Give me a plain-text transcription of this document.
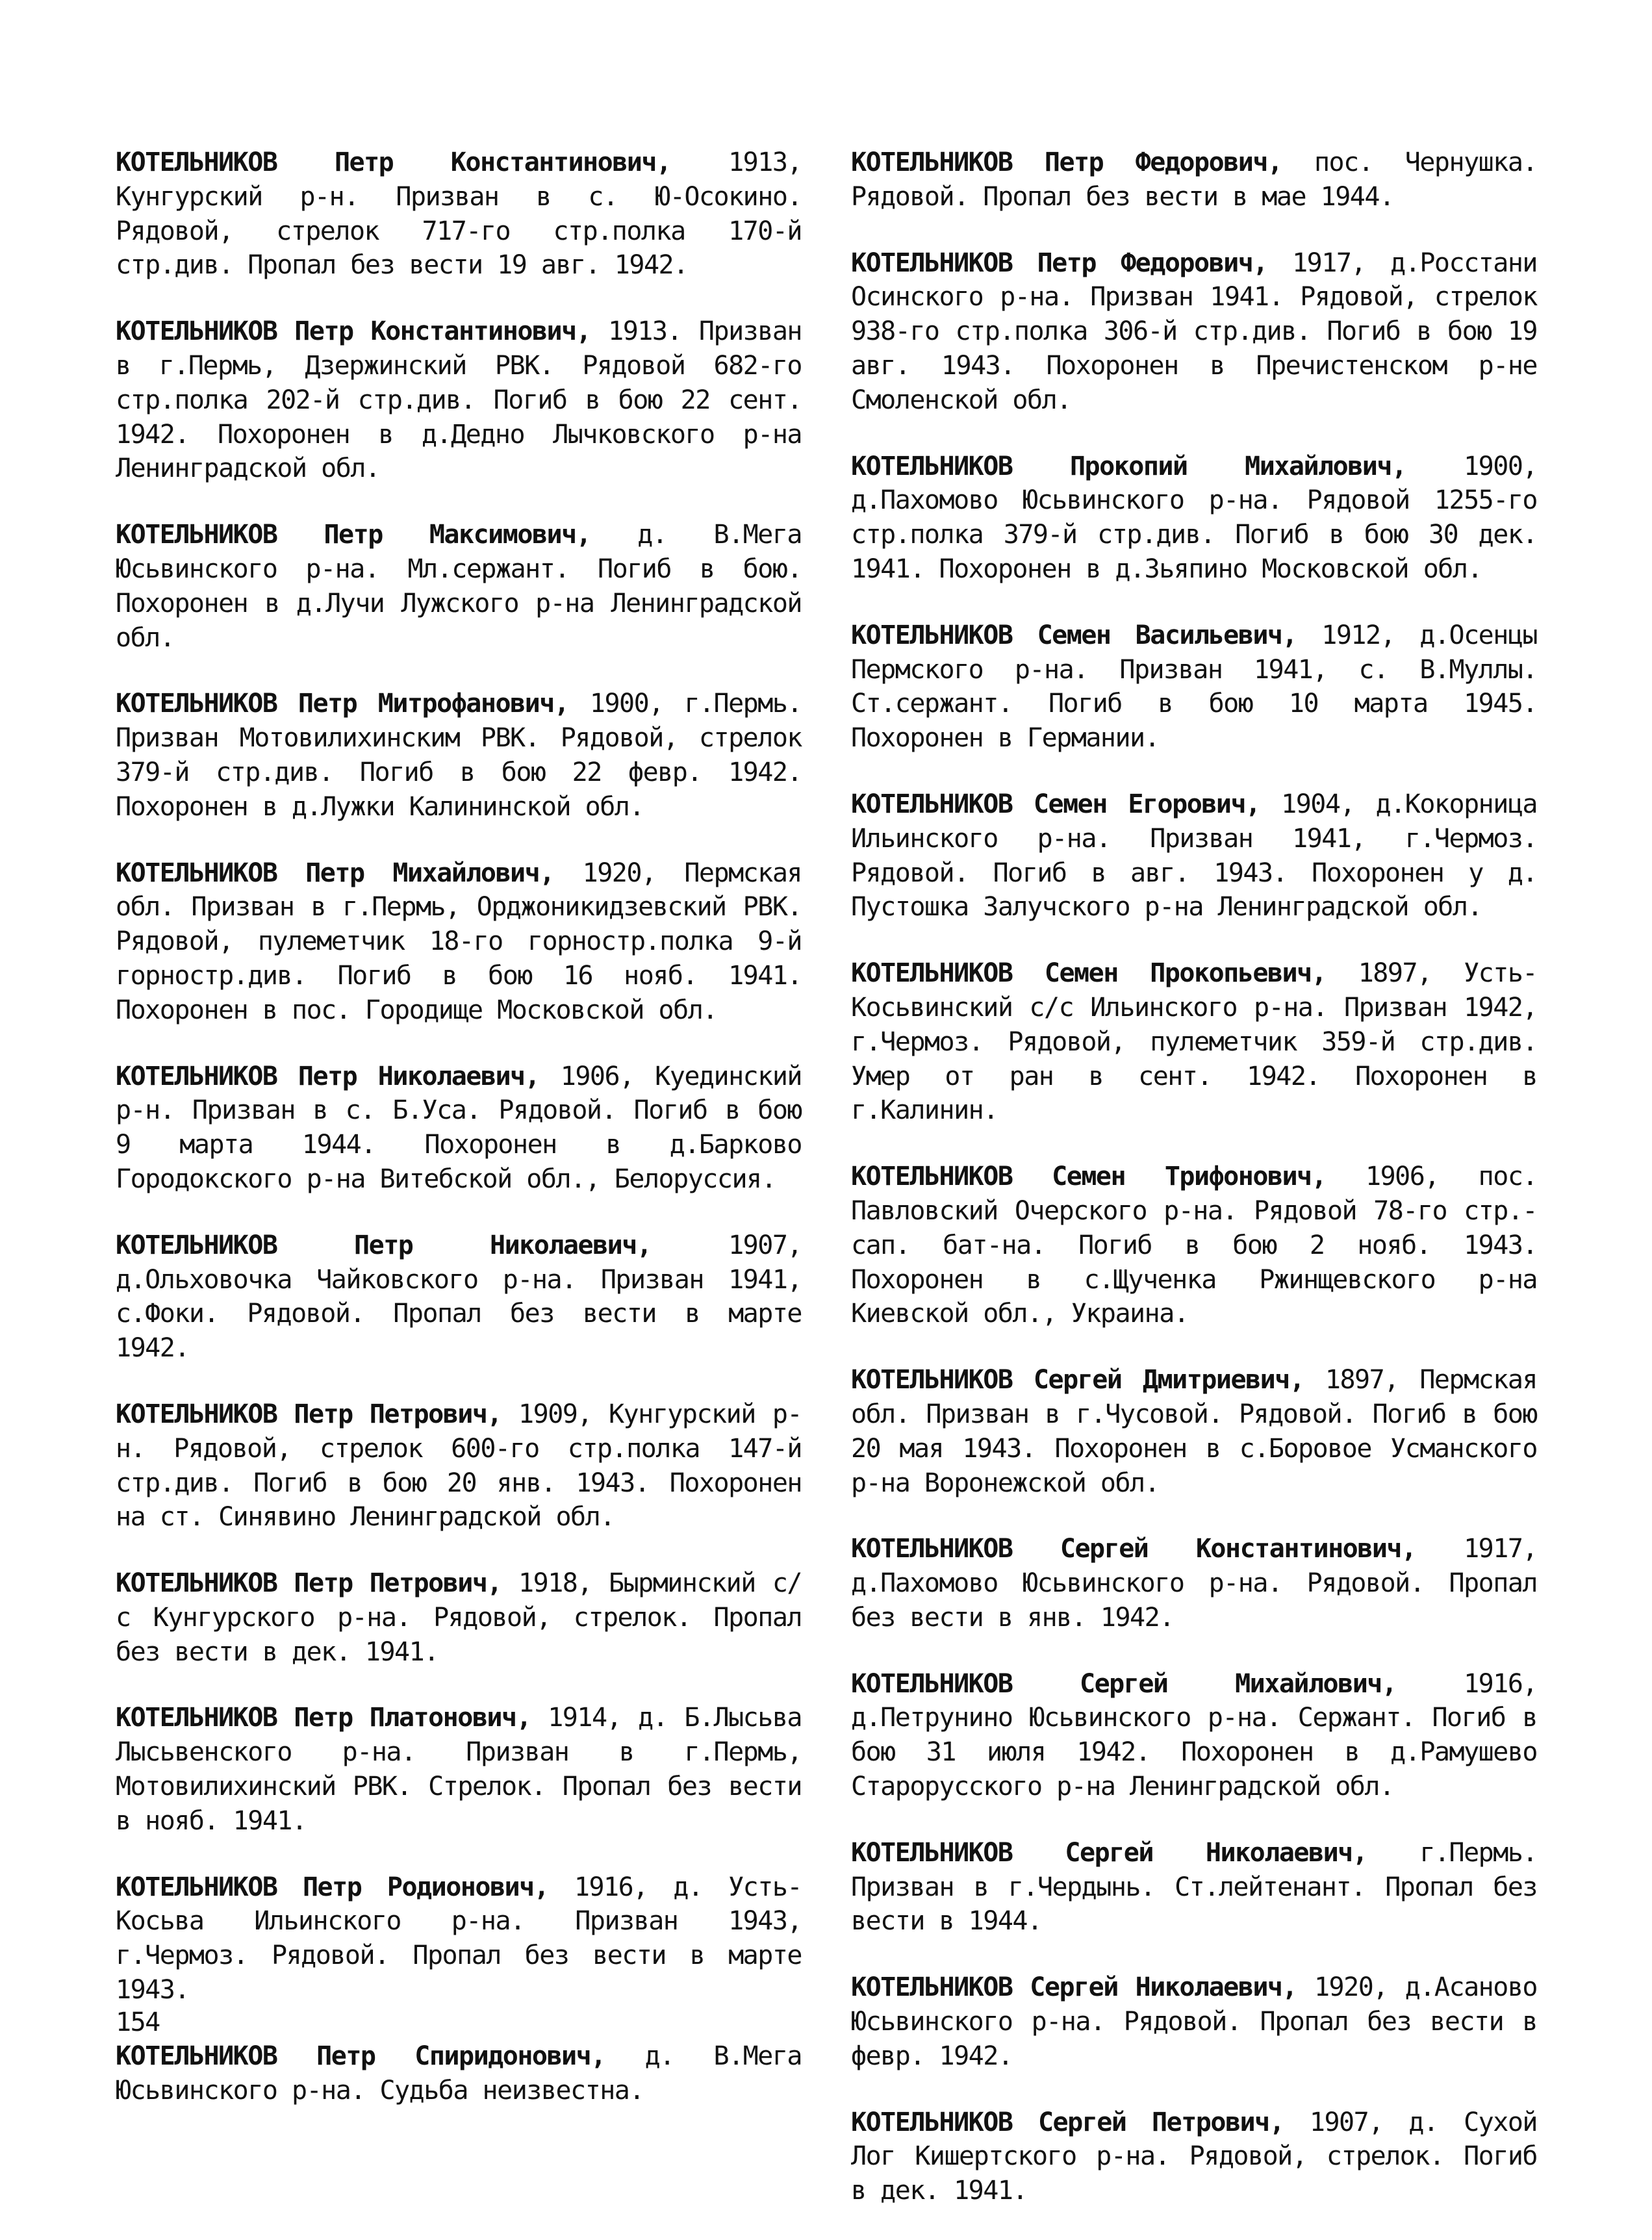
КОТЕЛЬНИКОВ Петр Константинович, 1913, Кунгурский р-н. Призван в с. Ю-Осокино. Рядовой, стрелок 717-го стр.полка 170-й стр.див. Пропал без вести 19 авг. 1942.

КОТЕЛЬНИКОВ Петр Константинович, 1913. Призван в г.Пермь, Дзержинский РВК. Рядовой 682-го стр.полка 202-й стр.див. Погиб в бою 22 сент. 1942. Похоронен в д.Дедно Лычковского р-на Ленинградской обл.

КОТЕЛЬНИКОВ Петр Максимович, д. В.Мега Юсьвинского р-на. Мл.сержант. Погиб в бою. Похоронен в д.Лучи Лужского р-на Ленинградской обл.

КОТЕЛЬНИКОВ Петр Митрофанович, 1900, г.Пермь. Призван Мотовилихинским РВК. Рядовой, стрелок 379-й стр.див. Погиб в бою 22 февр. 1942. Похоронен в д.Лужки Калининской обл.

КОТЕЛЬНИКОВ Петр Михайлович, 1920, Пермская обл. Призван в г.Пермь, Орджоникидзевский РВК. Рядовой, пулеметчик 18-го горностр.полка 9-й горностр.див. Погиб в бою 16 нояб. 1941. Похоронен в пос. Городище Московской обл.

КОТЕЛЬНИКОВ Петр Николаевич, 1906, Куединский р-н. Призван в с. Б.Уса. Рядовой. Погиб в бою 9 марта 1944. Похоронен в д.Барково Городокского р-на Витебской обл., Белоруссия.

КОТЕЛЬНИКОВ Петр Николаевич,	1907, д.Ольховочка Чайковского р-на. Призван 1941, с.Фоки. Рядовой. Пропал без вести в марте 1942.

КОТЕЛЬНИКОВ Петр Петрович, 1909, Кунгурский р-н. Рядовой, стрелок 600-го стр.полка 147-й стр.див. Погиб в бою 20 янв. 1943. Похоронен на ст. Синявино Ленинградской обл.

КОТЕЛЬНИКОВ Петр Петрович, 1918, Бырминский с/с Кунгурского р-на. Рядовой, стрелок. Пропал без вести в дек. 1941.

КОТЕЛЬНИКОВ Петр Платонович, 1914, д. Б.Лысьва Лысьвенского р-на. Призван в г.Пермь, Мотовилихинский РВК. Стрелок. Пропал без вести в нояб. 1941.

КОТЕЛЬНИКОВ Петр Родионович, 1916, д. Усть-Косьва Ильинского р-на. Призван 1943, г.Чермоз. Рядовой. Пропал без вести в марте 1943.

КОТЕЛЬНИКОВ Петр Спиридонович, д. В.Мега Юсьвинского р-на. Судьба неизвестна.

КОТЕЛЬНИКОВ Петр Федорович, пос. Чернушка. Рядовой. Пропал без вести в мае 1944.

КОТЕЛЬНИКОВ Петр Федорович, 1917, д.Росстани Осинского р-на. Призван 1941. Рядовой, стрелок 938-го стр.полка 306-й стр.див. Погиб в бою 19 авг. 1943. Похоронен в Пречистенском р-не Смоленской обл.

КОТЕЛЬНИКОВ Прокопий Михайлович, 1900, д.Пахомово Юсьвинского р-на. Рядовой 1255-го стр.полка 379-й стр.див. Погиб в бою 30 дек. 1941. Похоронен в д.Зьяпино Московской обл.

КОТЕЛЬНИКОВ Семен Васильевич, 1912, д.Осенцы Пермского р-на. Призван 1941, с. В.Муллы. Ст.сержант. Погиб в бою 10 марта 1945. Похоронен в Германии.

КОТЕЛЬНИКОВ Семен Егорович, 1904, д.Кокорница Ильинского р-на. Призван 1941, г.Чермоз. Рядовой. Погиб в авг. 1943. Похоронен у д. Пустошка Залучского р-на Ленинградской обл.

КОТЕЛЬНИКОВ Семен Прокопьевич, 1897, Усть-Косьвинский с/с Ильинского р-на. Призван 1942, г.Чермоз. Рядовой, пулеметчик 359-й стр.див. Умер от ран в сент. 1942. Похоронен в г.Калинин.

КОТЕЛЬНИКОВ Семен Трифонович, 1906, пос. Павловский Очерского р-на. Рядовой 78-го стр.-сап. бат-на. Погиб в бою 2 нояб. 1943. Похоронен в с.Щученка Ржинщевского р-на Киевской обл., Украина.

КОТЕЛЬНИКОВ Сергей Дмитриевич, 1897, Пермская обл. Призван в г.Чусовой. Рядовой. Погиб в бою 20 мая 1943. Похоронен в с.Боровое Усманского р-на Воронежской обл.

КОТЕЛЬНИКОВ Сергей Константинович, 1917, д.Пахомово Юсьвинского р-на. Рядовой. Пропал без вести в янв. 1942.

КОТЕЛЬНИКОВ Сергей Михайлович,	1916, д.Петрунино Юсьвинского р-на. Сержант. Погиб в бою 31 июля 1942. Похоронен в д.Рамушево Старорусского р-на Ленинградской обл.

КОТЕЛЬНИКОВ Сергей Николаевич, г.Пермь. Призван в г.Чердынь. Ст.лейтенант. Пропал без вести в 1944.

КОТЕЛЬНИКОВ Сергей Николаевич, 1920, д.Асаново Юсьвинского р-на. Рядовой. Пропал без вести в февр. 1942.

КОТЕЛЬНИКОВ Сергей Петрович, 1907, д. Сухой Лог Кишертского р-на. Рядовой, стрелок. Погиб в дек. 1941.

154
